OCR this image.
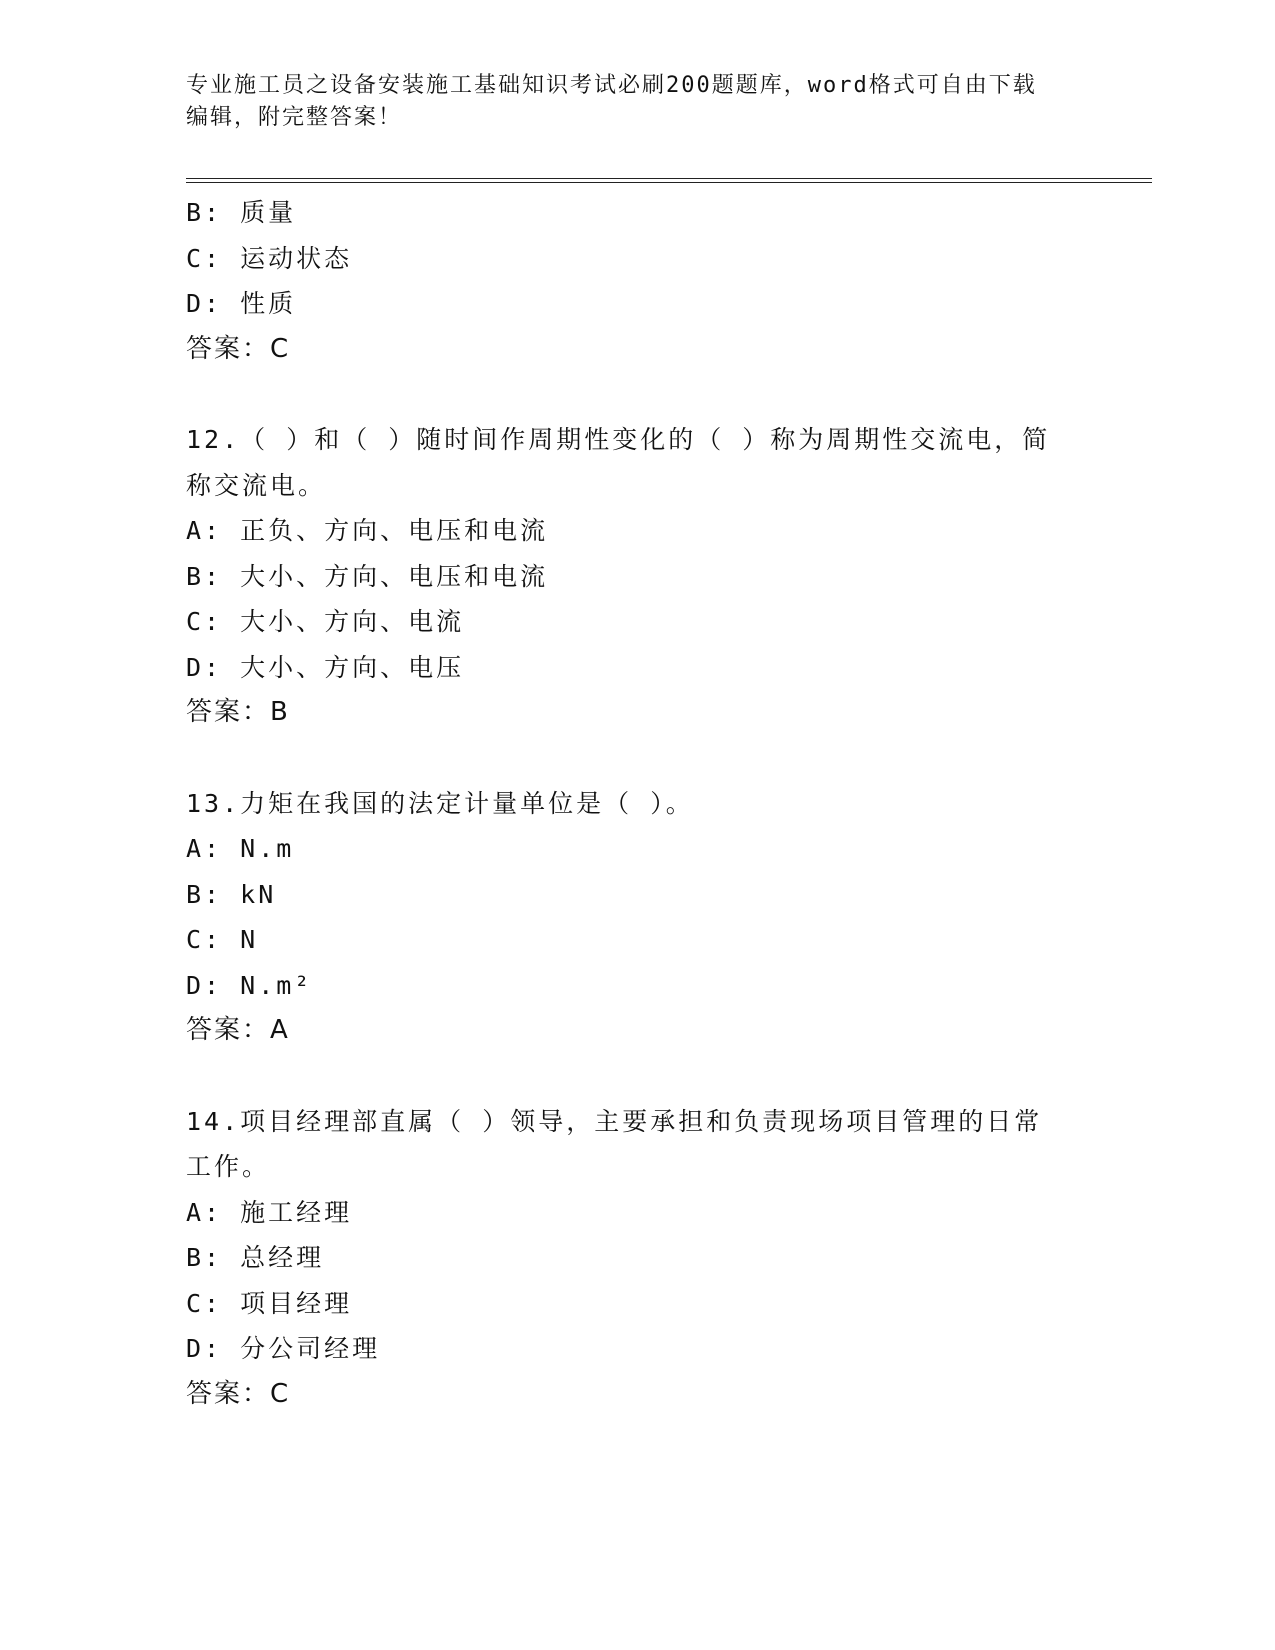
专业施工员之设备安装施工基础知识考试必刷200题题库，word格式可自由下载
编辑，附完整答案！
B: 质量
C: 运动状态
D: 性质
答案：C
12.（ ）和（ ）随时间作周期性变化的（ ）称为周期性交流电，简
称交流电。
A: 正负、方向、电压和电流
B: 大小、方向、电压和电流
C: 大小、方向、电流
D: 大小、方向、电压
答案：B
13.力矩在我国的法定计量单位是（ ）。
A: N.m
B: kN
C: N
D: N.m²
答案：A
14.项目经理部直属（ ）领导，主要承担和负责现场项目管理的日常
工作。
A: 施工经理
B: 总经理
C: 项目经理
D: 分公司经理
答案：C
